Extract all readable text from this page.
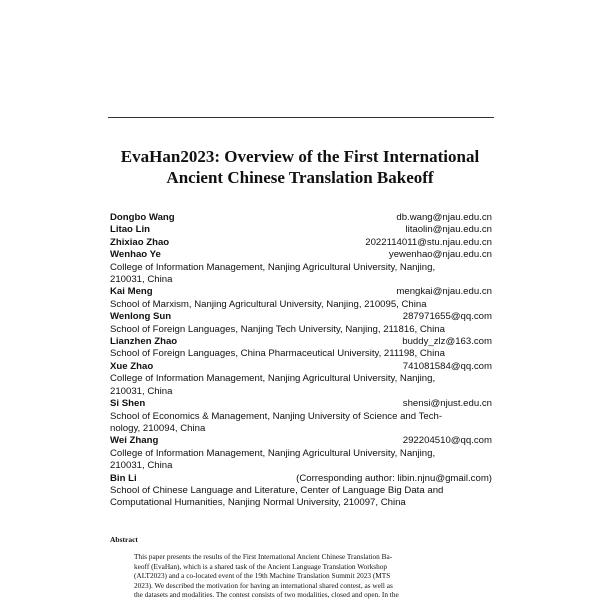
EvaHan2023: Overview of the First International
Ancient Chinese Translation Bakeoff
Dongbo Wang	db.wang@njau.edu.cn
Litao Lin	litaolin@njau.edu.cn
Zhixiao Zhao	2022114011@stu.njau.edu.cn
Wenhao Ye	yewenhao@njau.edu.cn
College of Information Management, Nanjing Agricultural University, Nanjing,
210031, China
Kai Meng	mengkai@njau.edu.cn
School of Marxism, Nanjing Agricultural University, Nanjing, 210095, China
Wenlong Sun	287971655@qq.com
School of Foreign Languages, Nanjing Tech University, Nanjing, 211816, China
Lianzhen Zhao	buddy_zlz@163.com
School of Foreign Languages, China Pharmaceutical University, 211198, China
Xue Zhao	741081584@qq.com
College of Information Management, Nanjing Agricultural University, Nanjing,
210031, China
Si Shen	shensi@njust.edu.cn
School of Economics & Management, Nanjing University of Science and Tech-
nology, 210094, China
Wei Zhang	292204510@qq.com
College of Information Management, Nanjing Agricultural University, Nanjing,
210031, China
Bin Li	(Corresponding author: libin.njnu@gmail.com)
School of Chinese Language and Literature, Center of Language Big Data and
Computational Humanities, Nanjing Normal University, 210097, China
Abstract

This paper presents the results of the First International Ancient Chinese Translation Ba-

keoff (EvaHan), which is a shared task of the Ancient Language Translation Workshop

(ALT2023) and a co-located event of the 19th Machine Translation Summit 2023 (MTS

2023). We described the motivation for having an international shared contest, as well as

the datasets and modalities. The contest consists of two modalities, closed and open. In the
